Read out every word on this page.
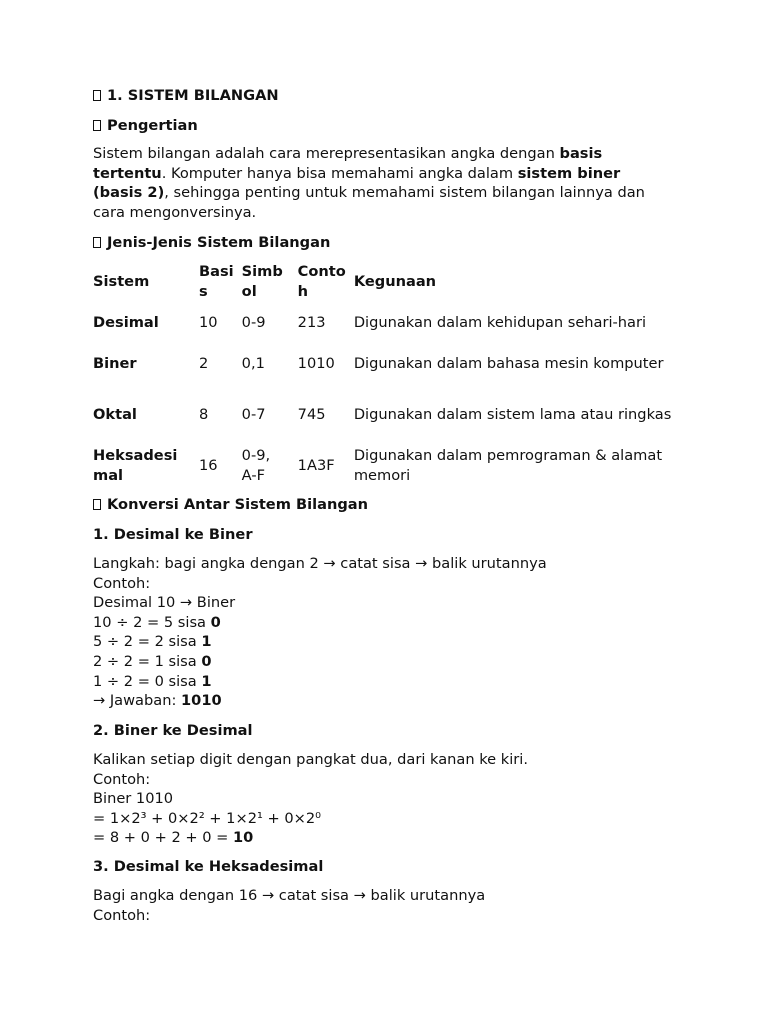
1. SISTEM BILANGAN
Pengertian
Sistem bilangan adalah cara merepresentasikan angka dengan basis tertentu. Komputer hanya bisa memahami angka dalam sistem biner (basis 2), sehingga penting untuk memahami sistem bilangan lainnya dan cara mengonversinya.
Jenis-Jenis Sistem Bilangan
Sistem	Basi s	Simb ol	Conto h	Kegunaan
Desimal	10	0-9	213	Digunakan dalam kehidupan sehari-hari
Biner	2	0,1	1010	Digunakan dalam bahasa mesin komputer
Oktal	8	0-7	745	Digunakan dalam sistem lama atau ringkas
Heksadesi mal	16	0-9, A-F	1A3F	Digunakan dalam pemrograman & alamat memori
Konversi Antar Sistem Bilangan
1. Desimal ke Biner
Langkah: bagi angka dengan 2 → catat sisa → balik urutannya
Contoh:
Desimal 10 → Biner
10 ÷ 2 = 5 sisa 0
5 ÷ 2 = 2 sisa 1
2 ÷ 2 = 1 sisa 0
1 ÷ 2 = 0 sisa 1
→ Jawaban: 1010
2. Biner ke Desimal
Kalikan setiap digit dengan pangkat dua, dari kanan ke kiri.
Contoh:
Biner 1010
= 1×2³ + 0×2² + 1×2¹ + 0×2⁰
= 8 + 0 + 2 + 0 = 10
3. Desimal ke Heksadesimal
Bagi angka dengan 16 → catat sisa → balik urutannya
Contoh:
